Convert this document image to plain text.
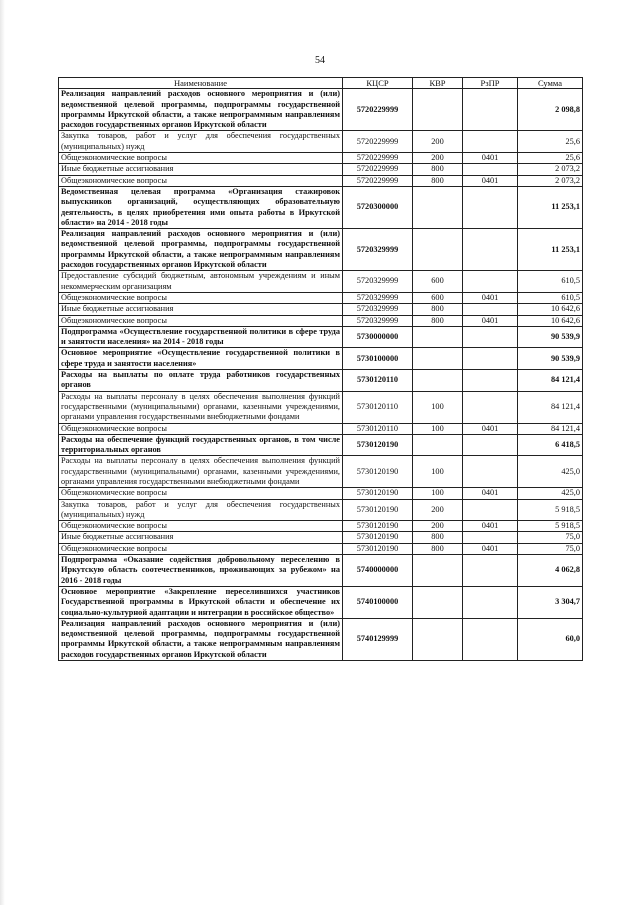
54
Наименование	КЦСР	КВР	РзПР	Сумма
Реализация направлений расходов основного мероприятия и (или) ведомственной целевой программы, подпрограммы государственной программы Иркутской области, а также непрограммным направлениям расходов государственных органов Иркутской области	5720229999			2 098,8
Закупка товаров, работ и услуг для обеспечения государственных (муниципальных) нужд	5720229999	200		25,6
Общеэкономические вопросы	5720229999	200	0401	25,6
Иные бюджетные ассигнования	5720229999	800		2 073,2
Общеэкономические вопросы	5720229999	800	0401	2 073,2
Ведомственная целевая программа «Организация стажировок выпускников организаций, осуществляющих образовательную деятельность, в целях приобретения ими опыта работы в Иркутской области» на 2014 - 2018 годы	5720300000			11 253,1
Реализация направлений расходов основного мероприятия и (или) ведомственной целевой программы, подпрограммы государственной программы Иркутской области, а также непрограммным направлениям расходов государственных органов Иркутской области	5720329999			11 253,1
Предоставление субсидий бюджетным, автономным учреждениям и иным некоммерческим организациям	5720329999	600		610,5
Общеэкономические вопросы	5720329999	600	0401	610,5
Иные бюджетные ассигнования	5720329999	800		10 642,6
Общеэкономические вопросы	5720329999	800	0401	10 642,6
Подпрограмма «Осуществление государственной политики в сфере труда и занятости населения» на 2014 - 2018 годы	5730000000			90 539,9
Основное мероприятие «Осуществление государственной политики в сфере труда и занятости населения»	5730100000			90 539,9
Расходы на выплаты по оплате труда работников государственных органов	5730120110			84 121,4
Расходы на выплаты персоналу в целях обеспечения выполнения функций государственными (муниципальными) органами, казенными учреждениями, органами управления государственными внебюджетными фондами	5730120110	100		84 121,4
Общеэкономические вопросы	5730120110	100	0401	84 121,4
Расходы на обеспечение функций государственных органов, в том числе территориальных органов	5730120190			6 418,5
Расходы на выплаты персоналу в целях обеспечения выполнения функций государственными (муниципальными) органами, казенными учреждениями, органами управления государственными внебюджетными фондами	5730120190	100		425,0
Общеэкономические вопросы	5730120190	100	0401	425,0
Закупка товаров, работ и услуг для обеспечения государственных (муниципальных) нужд	5730120190	200		5 918,5
Общеэкономические вопросы	5730120190	200	0401	5 918,5
Иные бюджетные ассигнования	5730120190	800		75,0
Общеэкономические вопросы	5730120190	800	0401	75,0
Подпрограмма «Оказание содействия добровольному переселению в Иркутскую область соотечественников, проживающих за рубежом» на 2016 - 2018 годы	5740000000			4 062,8
Основное мероприятие «Закрепление переселившихся участников Государственной программы в Иркутской области и обеспечение их социально-культурной адаптации и интеграции в российское общество»	5740100000			3 304,7
Реализация направлений расходов основного мероприятия и (или) ведомственной целевой программы, подпрограммы государственной программы Иркутской области, а также непрограммным направлениям расходов государственных органов Иркутской области	5740129999			60,0
